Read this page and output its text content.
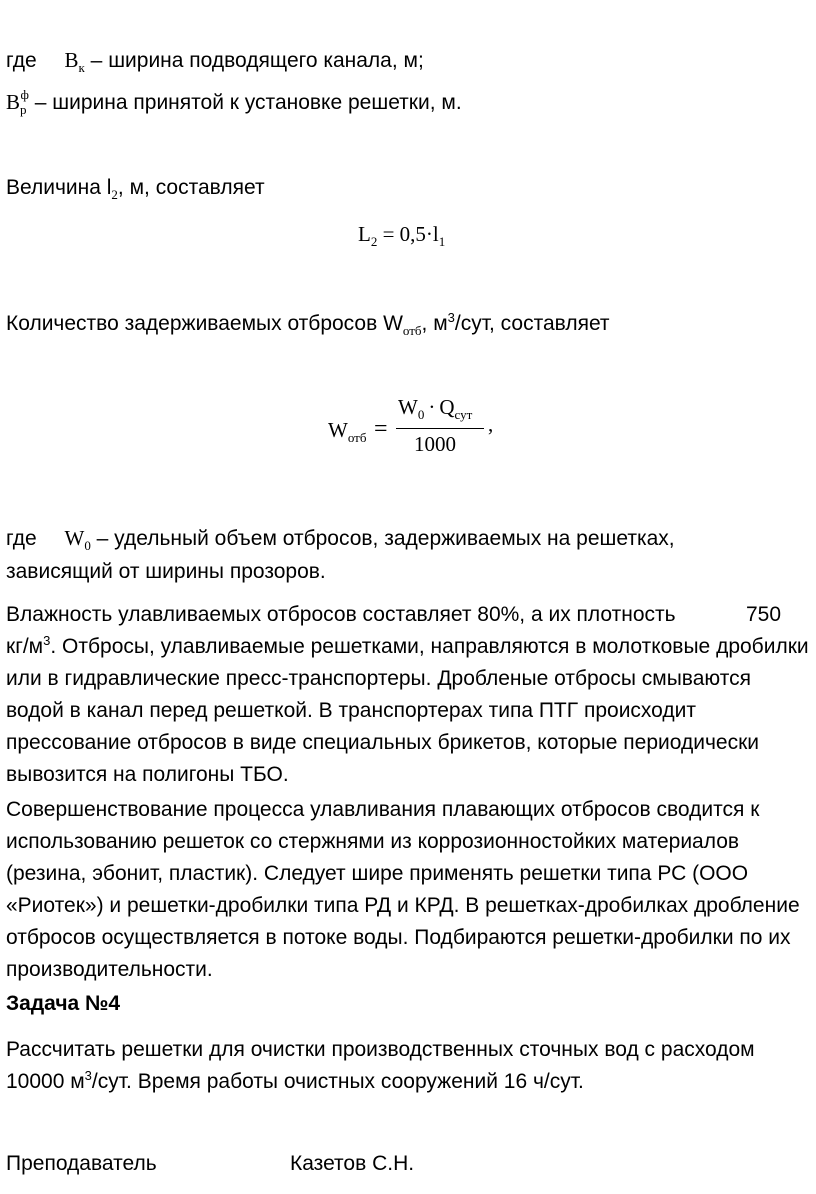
где $B_к$ – ширина подводящего канала, м;
$B_р^ф$ – ширина принятой к установке решетки, м.
Величина $l_2$, м, составляет
$L_2 = 0,5\cdot l_1$
Количество задерживаемых отбросов $W_{отб}$, $м^3$/сут, составляет
$W_{отб}$ =
$W_0 \cdot Q_{сут}$
1000
,
где $W_0$ – удельный объем отбросов, задерживаемых на решетках,
зависящий от ширины прозоров.
Влажность улавливаемых отбросов составляет 80%, а их плотность	750
$кг/м^3$. Отбросы, улавливаемые решетками, направляются в молотковые дробилки или в гидравлические пресс-транспортеры. Дробленые отбросы смываются водой в канал перед решеткой. В транспортерах типа ПТГ происходит прессование отбросов в виде специальных брикетов, которые периодически вывозится на полигоны ТБО.
Совершенствование процесса улавливания плавающих отбросов сводится к использованию решеток со стержнями из коррозионностойких материалов (резина, эбонит, пластик). Следует шире применять решетки типа РС (ООО «Риотек») и решетки-дробилки типа РД и КРД. В решетках-дробилках дробление отбросов осуществляется в потоке воды. Подбираются решетки-дробилки по их производительности.
Задача №4
Рассчитать решетки для очистки производственных сточных вод с расходом 10000 $м^3$/сут. Время работы очистных сооружений 16 ч/сут.
Преподаватель	Казетов С.Н.
